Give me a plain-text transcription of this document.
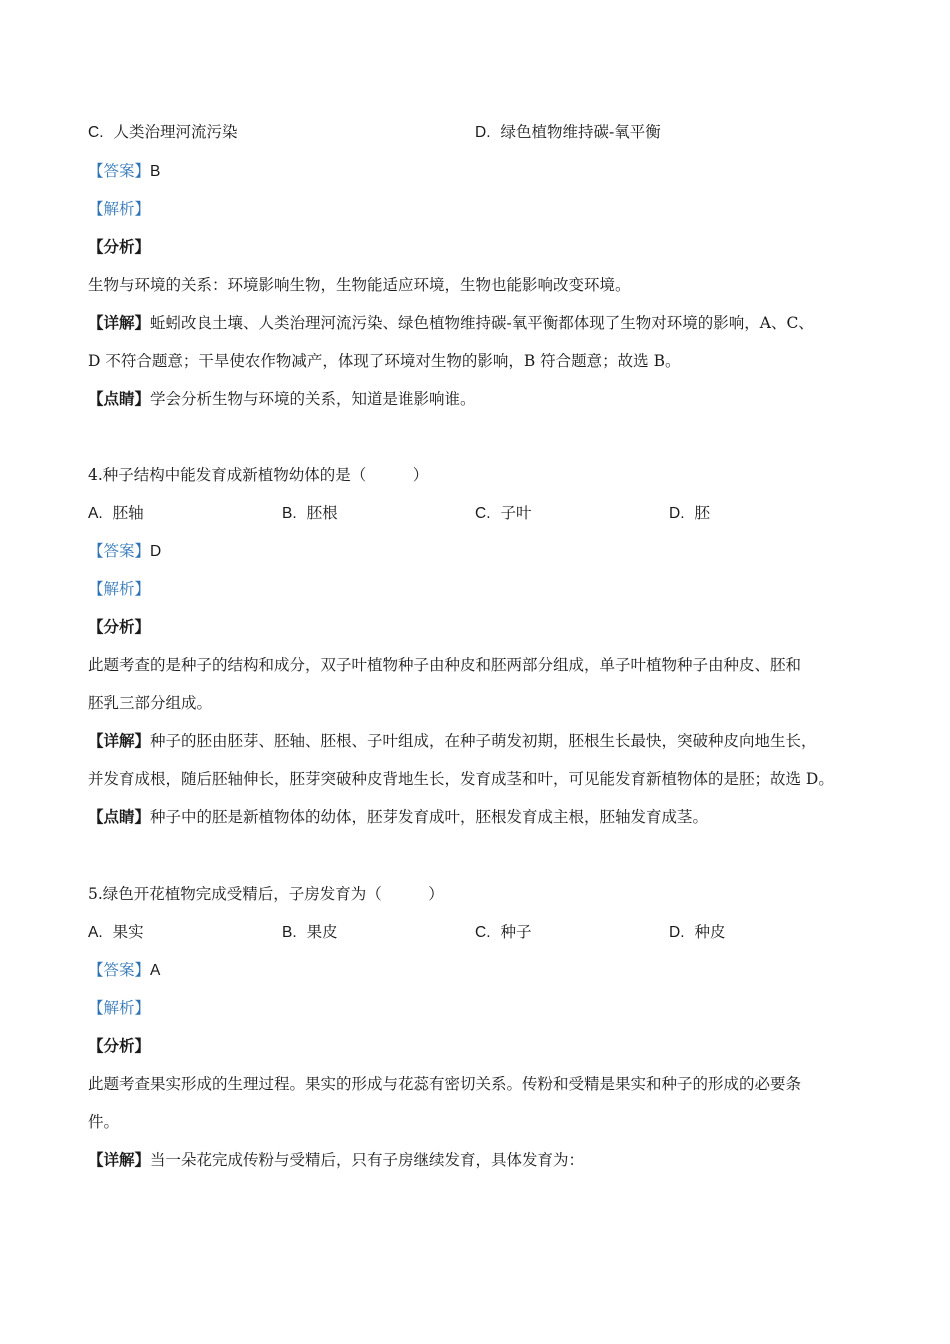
C. 人类治理河流污染	D. 绿色植物维持碳-氧平衡
【答案】B
【解析】
【分析】
生物与环境的关系：环境影响生物，生物能适应环境，生物也能影响改变环境。
【详解】蚯蚓改良土壤、人类治理河流污染、绿色植物维持碳-氧平衡都体现了生物对环境的影响，A、C、
D 不符合题意；干旱使农作物减产，体现了环境对生物的影响，B 符合题意；故选 B。
【点睛】学会分析生物与环境的关系，知道是谁影响谁。
4.种子结构中能发育成新植物幼体的是（　　　）
A. 胚轴	B. 胚根	C. 子叶	D. 胚
【答案】D
【解析】
【分析】
此题考查的是种子的结构和成分，双子叶植物种子由种皮和胚两部分组成，单子叶植物种子由种皮、胚和
胚乳三部分组成。
【详解】种子的胚由胚芽、胚轴、胚根、子叶组成，在种子萌发初期，胚根生长最快，突破种皮向地生长，
并发育成根，随后胚轴伸长，胚芽突破种皮背地生长，发育成茎和叶，可见能发育新植物体的是胚；故选 D。
【点睛】种子中的胚是新植物体的幼体，胚芽发育成叶，胚根发育成主根，胚轴发育成茎。
5.绿色开花植物完成受精后，子房发育为（　　　）
A. 果实	B. 果皮	C. 种子	D. 种皮
【答案】A
【解析】
【分析】
此题考查果实形成的生理过程。果实的形成与花蕊有密切关系。传粉和受精是果实和种子的形成的必要条
件。
【详解】当一朵花完成传粉与受精后，只有子房继续发育，具体发育为：
